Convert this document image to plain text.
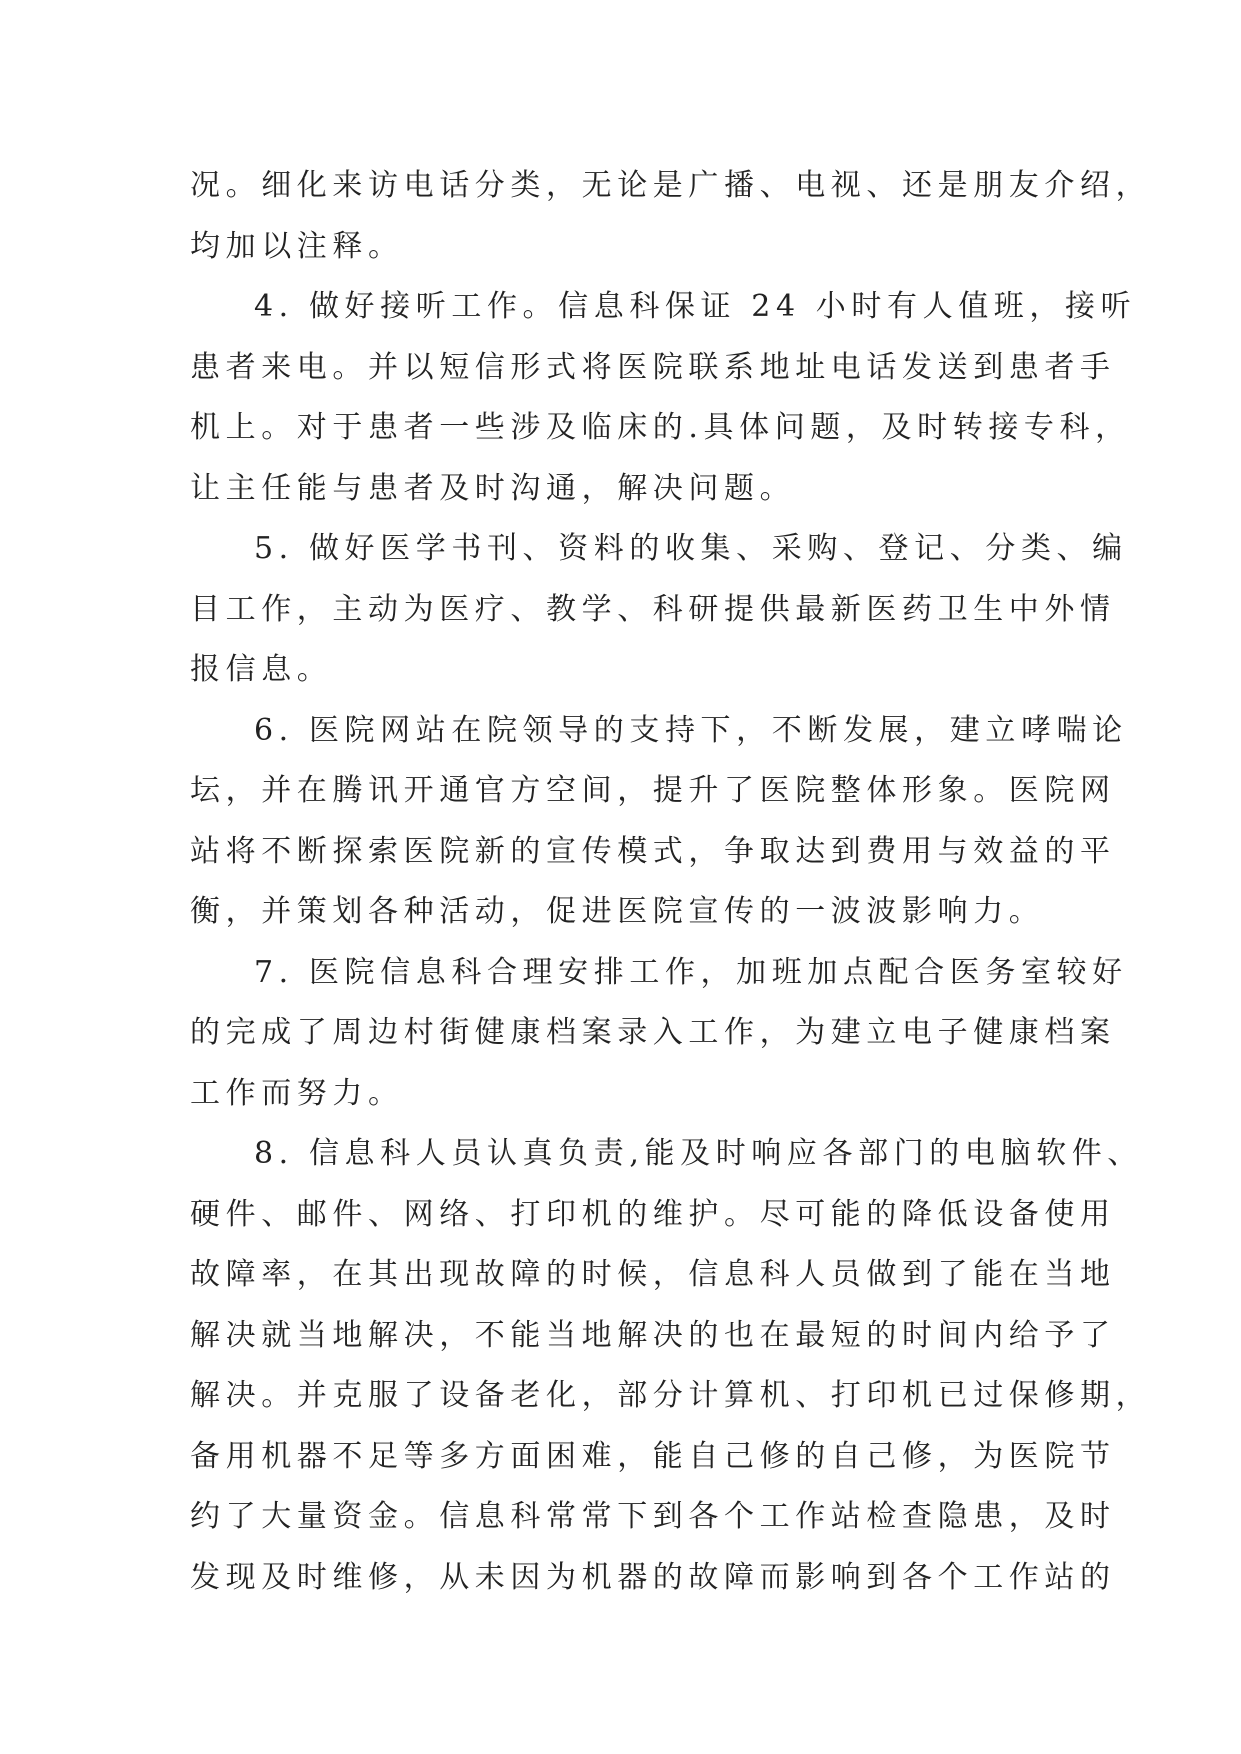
况。细化来访电话分类，无论是广播、电视、还是朋友介绍，
均加以注释。
4. 做好接听工作。信息科保证 24 小时有人值班，接听
患者来电。并以短信形式将医院联系地址电话发送到患者手
机上。对于患者一些涉及临床的.具体问题，及时转接专科，
让主任能与患者及时沟通，解决问题。
5. 做好医学书刊、资料的收集、采购、登记、分类、编
目工作，主动为医疗、教学、科研提供最新医药卫生中外情
报信息。
6. 医院网站在院领导的支持下，不断发展，建立哮喘论
坛，并在腾讯开通官方空间，提升了医院整体形象。医院网
站将不断探索医院新的宣传模式，争取达到费用与效益的平
衡，并策划各种活动，促进医院宣传的一波波影响力。
7. 医院信息科合理安排工作，加班加点配合医务室较好
的完成了周边村街健康档案录入工作，为建立电子健康档案
工作而努力。
8. 信息科人员认真负责,能及时响应各部门的电脑软件、
硬件、邮件、网络、打印机的维护。尽可能的降低设备使用
故障率，在其出现故障的时候，信息科人员做到了能在当地
解决就当地解决，不能当地解决的也在最短的时间内给予了
解决。并克服了设备老化，部分计算机、打印机已过保修期，
备用机器不足等多方面困难，能自己修的自己修，为医院节
约了大量资金。信息科常常下到各个工作站检查隐患，及时
发现及时维修，从未因为机器的故障而影响到各个工作站的
